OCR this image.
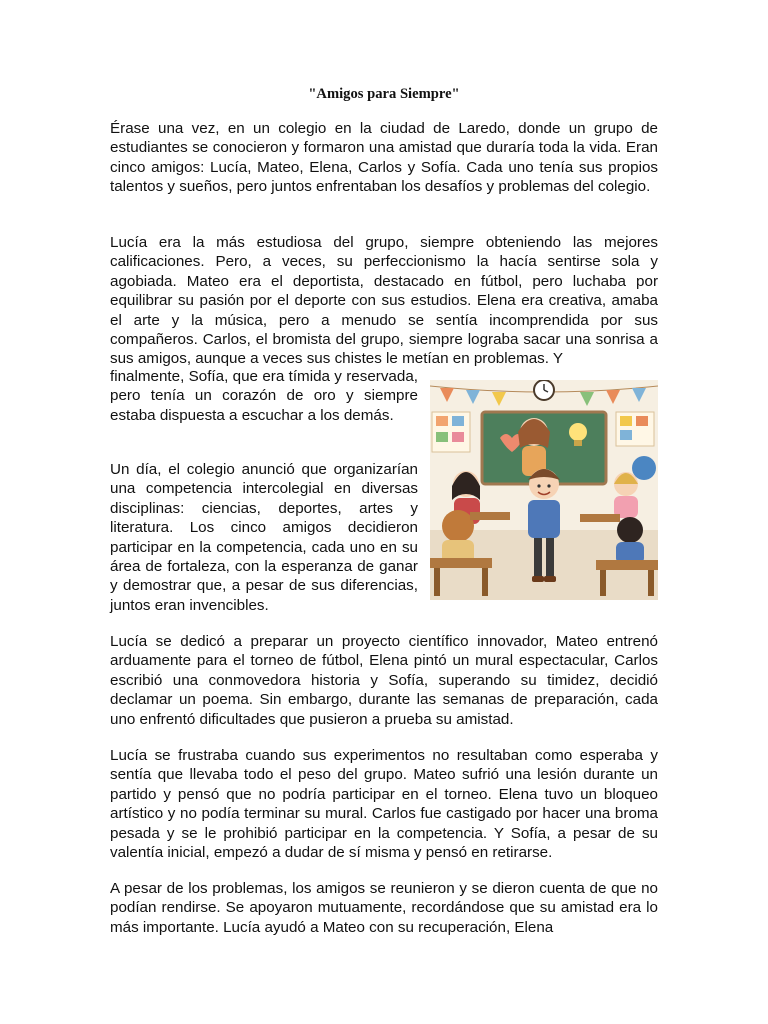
"Amigos para Siempre"

Érase una vez, en un colegio en la ciudad de Laredo, donde un grupo de estudiantes se conocieron y formaron una amistad que duraría toda la vida. Eran cinco amigos: Lucía, Mateo, Elena, Carlos y Sofía. Cada uno tenía sus propios talentos y sueños, pero juntos enfrentaban los desafíos y problemas del colegio.

Lucía era la más estudiosa del grupo, siempre obteniendo las mejores calificaciones. Pero, a veces, su perfeccionismo la hacía sentirse sola y agobiada. Mateo era el deportista, destacado en fútbol, pero luchaba por equilibrar su pasión por el deporte con sus estudios. Elena era creativa, amaba el arte y la música, pero a menudo se sentía incomprendida por sus compañeros. Carlos, el bromista del grupo, siempre lograba sacar una sonrisa a sus amigos, aunque a veces sus chistes le metían en problemas. Y

finalmente, Sofía, que era tímida y reservada, pero tenía un corazón de oro y siempre estaba dispuesta a escuchar a los demás.

Un día, el colegio anunció que organizarían una competencia intercolegial en diversas disciplinas: ciencias, deportes, artes y literatura. Los cinco amigos decidieron participar en la competencia, cada uno en su área de fortaleza, con la esperanza de ganar y demostrar que, a pesar de sus diferencias, juntos eran invencibles.

Lucía se dedicó a preparar un proyecto científico innovador, Mateo entrenó arduamente para el torneo de fútbol, Elena pintó un mural espectacular, Carlos escribió una conmovedora historia y Sofía, superando su timidez, decidió declamar un poema. Sin embargo, durante las semanas de preparación, cada uno enfrentó dificultades que pusieron a prueba su amistad.

Lucía se frustraba cuando sus experimentos no resultaban como esperaba y sentía que llevaba todo el peso del grupo. Mateo sufrió una lesión durante un partido y pensó que no podría participar en el torneo. Elena tuvo un bloqueo artístico y no podía terminar su mural. Carlos fue castigado por hacer una broma pesada y se le prohibió participar en la competencia. Y Sofía, a pesar de su valentía inicial, empezó a dudar de sí misma y pensó en retirarse.

A pesar de los problemas, los amigos se reunieron y se dieron cuenta de que no podían rendirse. Se apoyaron mutuamente, recordándose que su amistad era lo más importante. Lucía ayudó a Mateo con su recuperación, Elena
